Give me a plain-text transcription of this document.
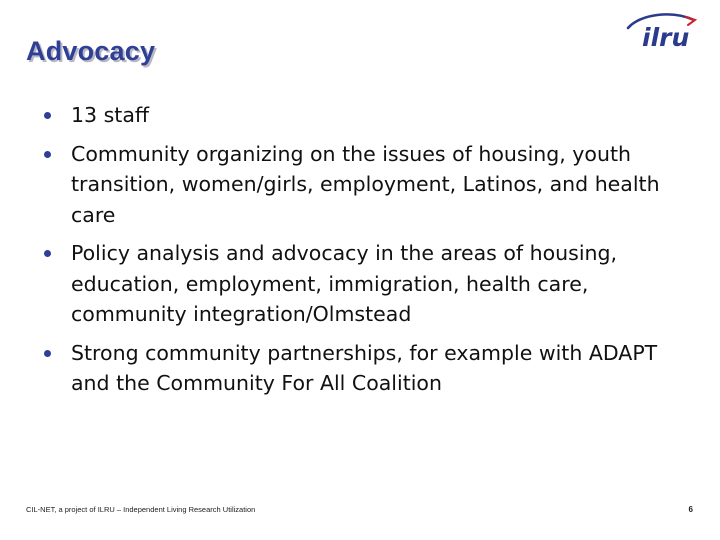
Advocacy	ilru
13 staff
Community organizing on the issues of housing, youth transition, women/girls, employment, Latinos, and health care
Policy analysis and advocacy in the areas of housing, education, employment, immigration, health care, community integration/Olmstead
Strong community partnerships, for example with ADAPT and the Community For All Coalition
CIL-NET, a project of ILRU – Independent Living Research Utilization	6
